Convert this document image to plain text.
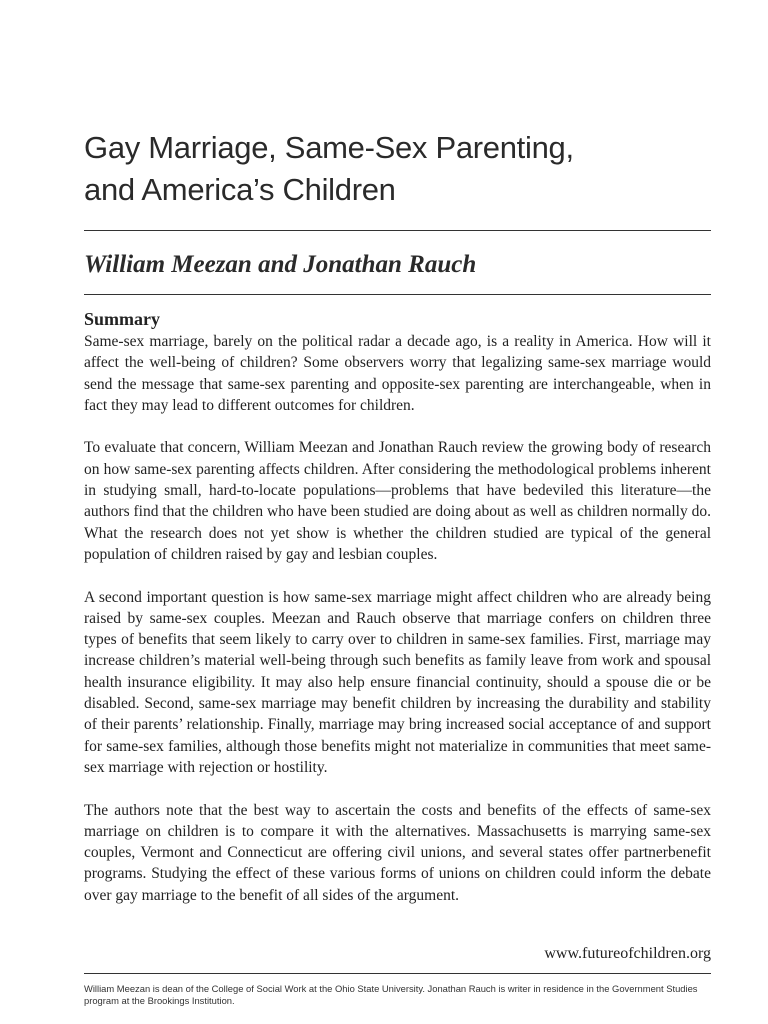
Gay Marriage, Same-Sex Parenting,
and America’s Children
William Meezan and Jonathan Rauch
Summary

Same-sex marriage, barely on the political radar a decade ago, is a reality in America. How will it affect the well-being of children? Some observers worry that legalizing same-sex marriage would send the message that same-sex parenting and opposite-sex parenting are interchangeable, when in fact they may lead to different outcomes for children.

To evaluate that concern, William Meezan and Jonathan Rauch review the growing body of research on how same-sex parenting affects children. After considering the methodological problems inherent in studying small, hard-to-locate populations—problems that have bedeviled this literature—the authors find that the children who have been studied are doing about as well as children normally do. What the research does not yet show is whether the children studied are typical of the general population of children raised by gay and lesbian couples.

A second important question is how same-sex marriage might affect children who are already being raised by same-sex couples. Meezan and Rauch observe that marriage confers on children three types of benefits that seem likely to carry over to children in same-sex families. First, marriage may increase children’s material well-being through such benefits as family leave from work and spousal health insurance eligibility. It may also help ensure financial continuity, should a spouse die or be disabled. Second, same-sex marriage may benefit children by increasing the durability and stability of their parents’ relationship. Finally, marriage may bring increased social acceptance of and support for same-sex families, although those benefits might not materialize in communities that meet same-sex marriage with rejection or hostility.

The authors note that the best way to ascertain the costs and benefits of the effects of same-sex marriage on children is to compare it with the alternatives. Massachusetts is marrying same-sex couples, Vermont and Connecticut are offering civil unions, and several states offer partnerbenefit programs. Studying the effect of these various forms of unions on children could inform the debate over gay marriage to the benefit of all sides of the argument.

www.futureofchildren.org

William Meezan is dean of the College of Social Work at the Ohio State University. Jonathan Rauch is writer in residence in the Government Studies program at the Brookings Institution.
